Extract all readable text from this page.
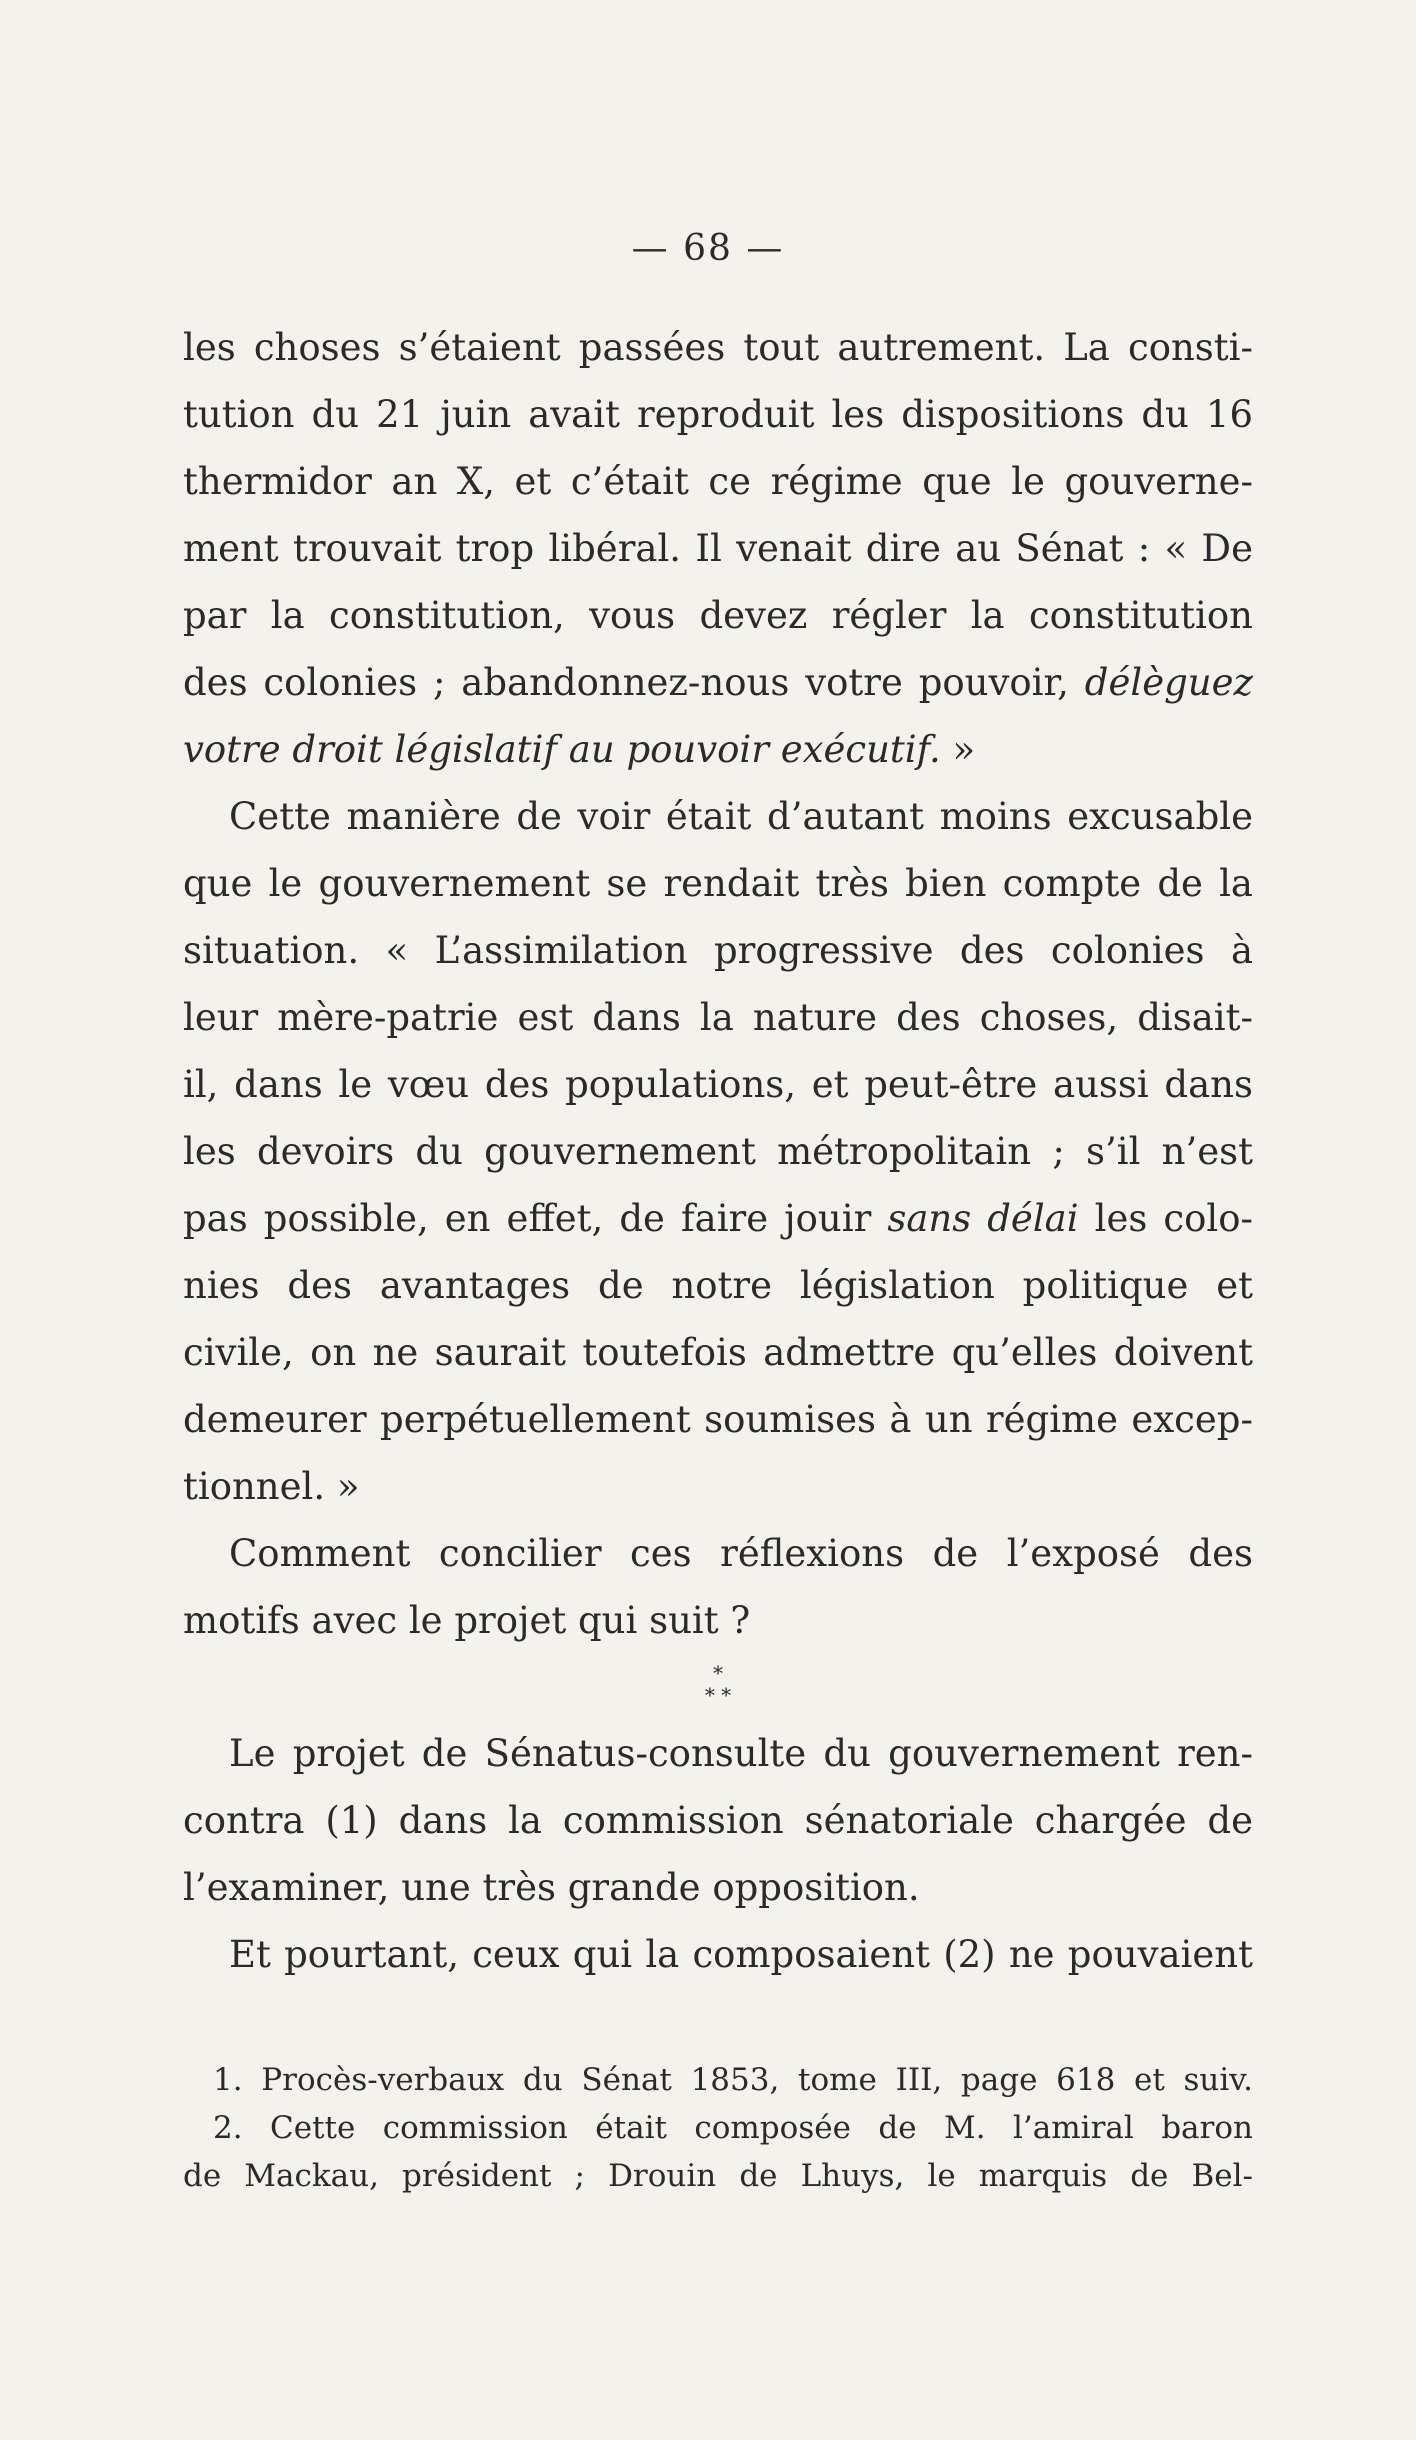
— 68 —
les choses s’étaient passées tout autrement. La consti-
tution du 21 juin avait reproduit les dispositions du 16
thermidor an X, et c’était ce régime que le gouverne-
ment trouvait trop libéral. Il venait dire au Sénat : « De
par la constitution, vous devez régler la constitution
des colonies ; abandonnez-nous votre pouvoir, délèguez
votre droit législatif au pouvoir exécutif. »
Cette manière de voir était d’autant moins excusable
que le gouvernement se rendait très bien compte de la
situation. « L’assimilation progressive des colonies à
leur mère-patrie est dans la nature des choses, disait-
il, dans le vœu des populations, et peut-être aussi dans
les devoirs du gouvernement métropolitain ; s’il n’est
pas possible, en effet, de faire jouir sans délai les colo-
nies des avantages de notre législation politique et
civile, on ne saurait toutefois admettre qu’elles doivent
demeurer perpétuellement soumises à un régime excep-
tionnel. »
Comment concilier ces réflexions de l’exposé des
motifs avec le projet qui suit ?
*
* *
Le projet de Sénatus-consulte du gouvernement ren-
contra (1) dans la commission sénatoriale chargée de
l’examiner, une très grande opposition.
Et pourtant, ceux qui la composaient (2) ne pouvaient
1. Procès-verbaux du Sénat 1853, tome III, page 618 et suiv.
2. Cette commission était composée de M. l’amiral baron
de Mackau, président ; Drouin de Lhuys, le marquis de Bel-
